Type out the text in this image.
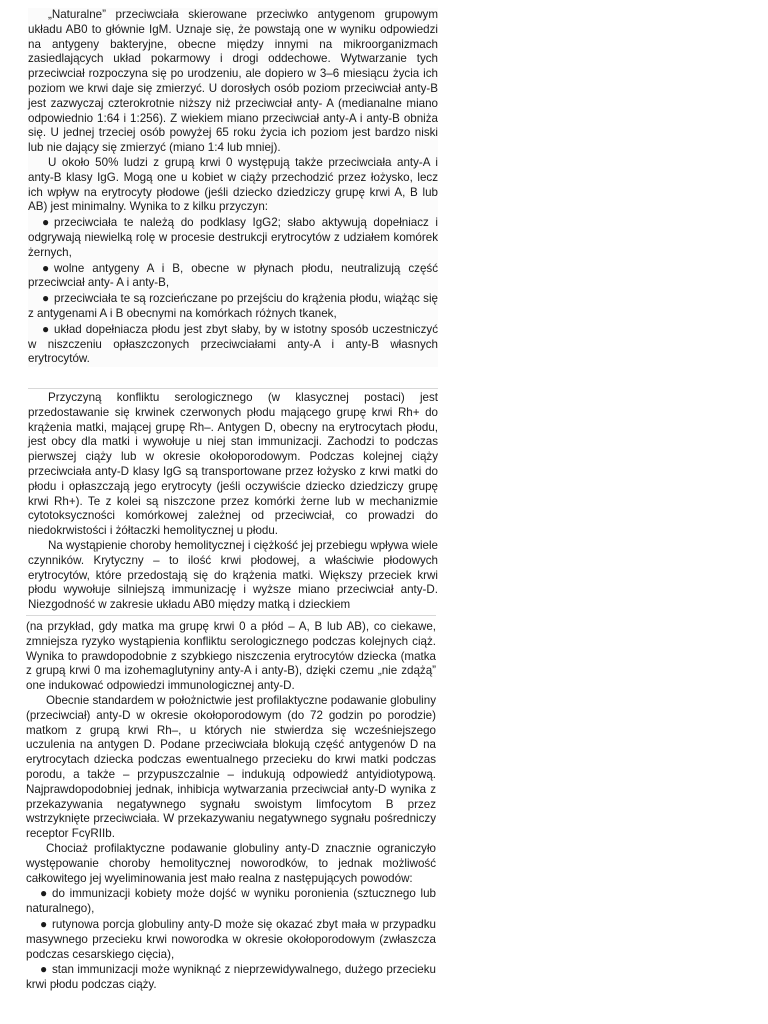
„Naturalne” przeciwciała skierowane przeciwko antygenom grupowym układu AB0 to głównie IgM. Uznaje się, że powstają one w wyniku odpowiedzi na antygeny bakteryjne, obecne między innymi na mikroorganizmach zasiedlających układ pokarmowy i drogi oddechowe. Wytwarzanie tych przeciwciał rozpoczyna się po urodzeniu, ale dopiero w 3–6 miesiącu życia ich poziom we krwi daje się zmierzyć. U dorosłych osób poziom przeciwciał anty-B jest zazwyczaj czterokrotnie niższy niż przeciwciał anty- A (medianalne miano odpowiednio 1:64 i 1:256). Z wiekiem miano przeciwciał anty-A i anty-B obniża się. U jednej trzeciej osób powyżej 65 roku życia ich poziom jest bardzo niski lub nie dający się zmierzyć (miano 1:4 lub mniej).

U około 50% ludzi z grupą krwi 0 występują także przeciwciała anty-A i anty-B klasy IgG. Mogą one u kobiet w ciąży przechodzić przez łożysko, lecz ich wpływ na erytrocyty płodowe (jeśli dziecko dziedziczy grupę krwi A, B lub AB) jest minimalny. Wynika to z kilku przyczyn:

● przeciwciała te należą do podklasy IgG2; słabo aktywują dopełniacz i odgrywają niewielką rolę w procesie destrukcji erytrocytów z udziałem komórek żernych,
● wolne antygeny A i B, obecne w płynach płodu, neutralizują część przeciwciał anty- A i anty-B,
● przeciwciała te są rozcieńczane po przejściu do krążenia płodu, wiążąc się z antygenami A i B obecnymi na komórkach różnych tkanek,
● układ dopełniacza płodu jest zbyt słaby, by w istotny sposób uczestniczyć w niszczeniu opłaszczonych przeciwciałami anty-A i anty-B własnych erytrocytów.

Przyczyną konfliktu serologicznego (w klasycznej postaci) jest przedostawanie się krwinek czerwonych płodu mającego grupę krwi Rh+ do krążenia matki, mającej grupę Rh–. Antygen D, obecny na erytrocytach płodu, jest obcy dla matki i wywołuje u niej stan immunizacji. Zachodzi to podczas pierwszej ciąży lub w okresie okołoporodowym. Podczas kolejnej ciąży przeciwciała anty-D klasy IgG są transportowane przez łożysko z krwi matki do płodu i opłaszczają jego erytrocyty (jeśli oczywiście dziecko dziedziczy grupę krwi Rh+). Te z kolei są niszczone przez komórki żerne lub w mechanizmie cytotoksyczności komórkowej zależnej od przeciwciał, co prowadzi do niedokrwistości i żółtaczki hemolitycznej u płodu.

Na wystąpienie choroby hemolitycznej i ciężkość jej przebiegu wpływa wiele czynników. Krytyczny – to ilość krwi płodowej, a właściwie płodowych erytrocytów, które przedostają się do krążenia matki. Większy przeciek krwi płodu wywołuje silniejszą immunizację i wyższe miano przeciwciał anty-D. Niezgodność w zakresie układu AB0 między matką i dzieckiem

(na przykład, gdy matka ma grupę krwi 0 a płód – A, B lub AB), co ciekawe, zmniejsza ryzyko wystąpienia konfliktu serologicznego podczas kolejnych ciąż. Wynika to prawdopodobnie z szybkiego niszczenia erytrocytów dziecka (matka z grupą krwi 0 ma izohemaglutyniny anty-A i anty-B), dzięki czemu „nie zdążą” one indukować odpowiedzi immunologicznej anty-D.

Obecnie standardem w położnictwie jest profilaktyczne podawanie globuliny (przeciwciał) anty-D w okresie okołoporodowym (do 72 godzin po porodzie) matkom z grupą krwi Rh–, u których nie stwierdza się wcześniejszego uczulenia na antygen D. Podane przeciwciała blokują część antygenów D na erytrocytach dziecka podczas ewentualnego przecieku do krwi matki podczas porodu, a także – przypuszczalnie – indukują odpowiedź antyidiotypową. Najprawdopodobniej jednak, inhibicja wytwarzania przeciwciał anty-D wynika z przekazywania negatywnego sygnału swoistym limfocytom B przez wstrzyknięte przeciwciała. W przekazywaniu negatywnego sygnału pośredniczy receptor FcγRIIb.

Chociaż profilaktyczne podawanie globuliny anty-D znacznie ograniczyło występowanie choroby hemolitycznej noworodków, to jednak możliwość całkowitego jej wyeliminowania jest mało realna z następujących powodów:

● do immunizacji kobiety może dojść w wyniku poronienia (sztucznego lub naturalnego),
● rutynowa porcja globuliny anty-D może się okazać zbyt mała w przypadku masywnego przecieku krwi noworodka w okresie okołoporodowym (zwłaszcza podczas cesarskiego cięcia),
● stan immunizacji może wyniknąć z nieprzewidywalnego, dużego przecieku krwi płodu podczas ciąży.
